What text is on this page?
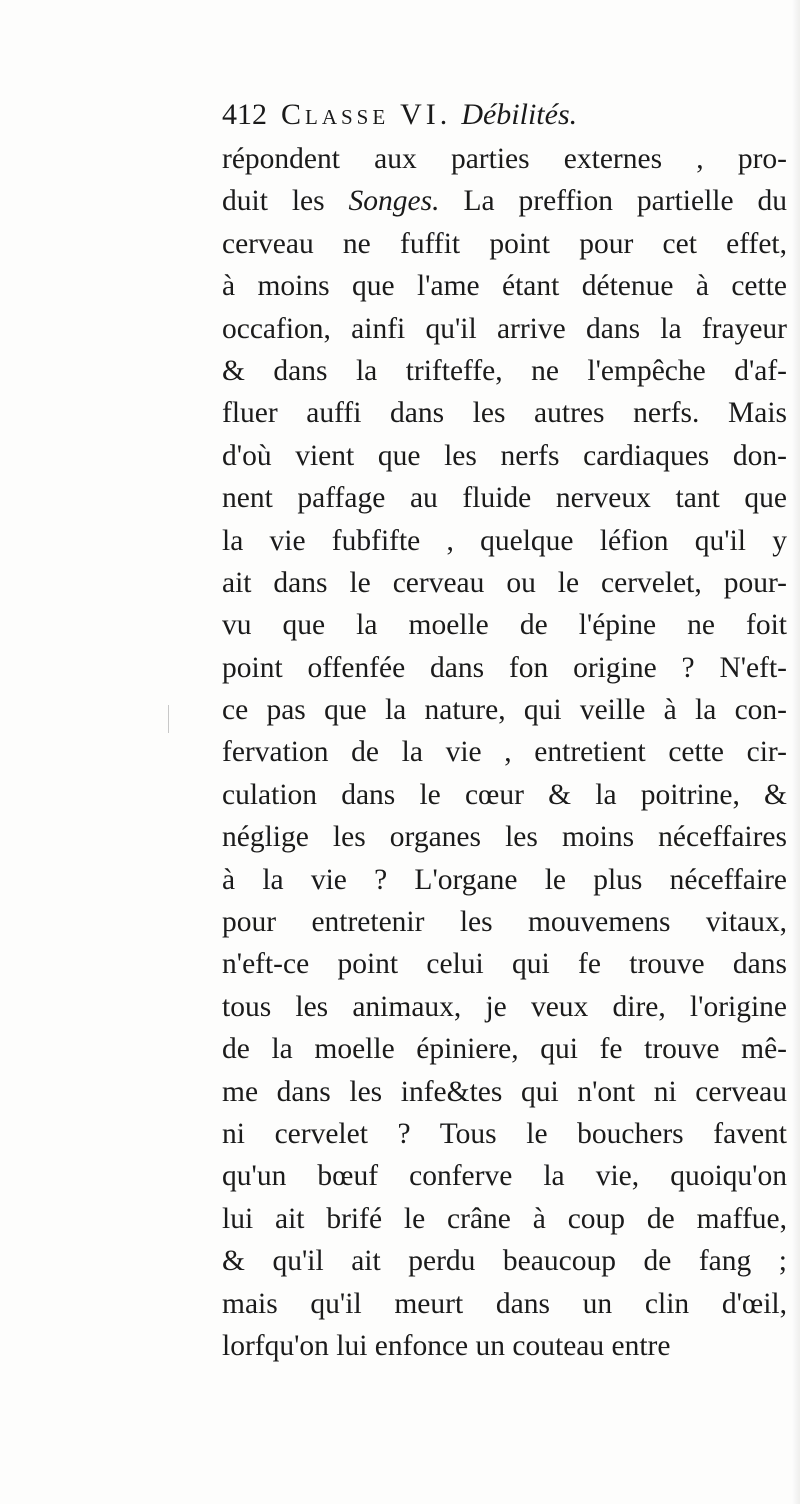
412 Classe VI. Débilités.
répondent aux parties externes , pro-
duit les Songes. La preffion partielle du
cerveau ne fuffit point pour cet effet,
à moins que l'ame étant détenue à cette
occafion, ainfi qu'il arrive dans la frayeur
& dans la trifteffe, ne l'empêche d'af-
fluer auffi dans les autres nerfs. Mais
d'où vient que les nerfs cardiaques don-
nent paffage au fluide nerveux tant que
la vie fubfifte , quelque léfion qu'il y
ait dans le cerveau ou le cervelet, pour-
vu que la moelle de l'épine ne foit
point offenfée dans fon origine ? N'eft-
ce pas que la nature, qui veille à la con-
fervation de la vie , entretient cette cir-
culation dans le cœur & la poitrine, &
néglige les organes les moins néceffaires
à la vie ? L'organe le plus néceffaire
pour entretenir les mouvemens vitaux,
n'eft-ce point celui qui fe trouve dans
tous les animaux, je veux dire, l'origine
de la moelle épiniere, qui fe trouve mê-
me dans les infe&tes qui n'ont ni cerveau
ni cervelet ? Tous le bouchers favent
qu'un bœuf conferve la vie, quoiqu'on
lui ait brifé le crâne à coup de maffue,
& qu'il ait perdu beaucoup de fang ;
mais qu'il meurt dans un clin d'œil,
lorfqu'on lui enfonce un couteau entre
